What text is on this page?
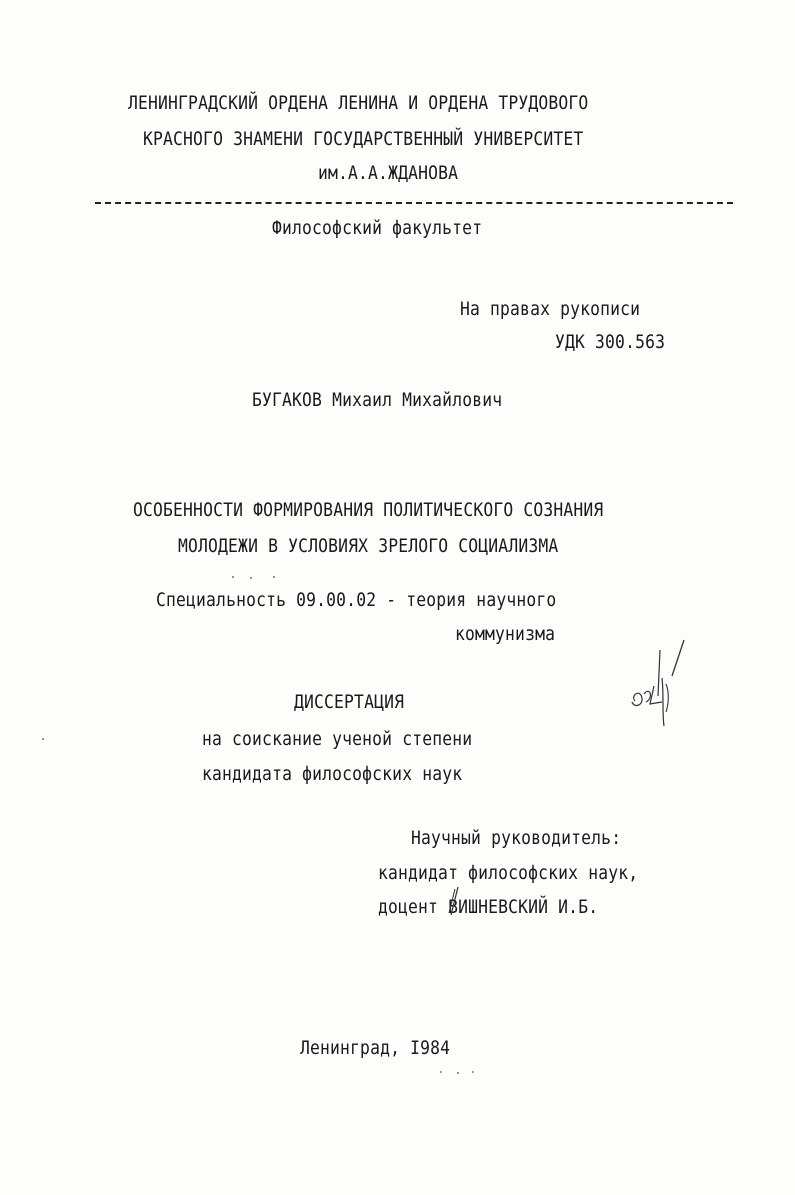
ЛЕНИНГРАДСКИЙ ОРДЕНА ЛЕНИНА И ОРДЕНА ТРУДОВОГО
КРАСНОГО ЗНАМЕНИ ГОСУДАРСТВЕННЫЙ УНИВЕРСИТЕТ
им.А.А.ЖДАНОВА
Философский факультет
На правах рукописи
УДК 300.563
БУГАКОВ Михаил Михайлович
ОСОБЕННОСТИ ФОРМИРОВАНИЯ ПОЛИТИЧЕСКОГО СОЗНАНИЯ
МОЛОДЕЖИ В УСЛОВИЯХ ЗРЕЛОГО СОЦИАЛИЗМА
Специальность 09.00.02 - теория научного
коммунизма
ДИССЕРТАЦИЯ
на соискание ученой степени
кандидата философских наук
Научный руководитель:
кандидат философских наук,
доцент ВИШНЕВСКИЙ И.Б.
Ленинград, I984
